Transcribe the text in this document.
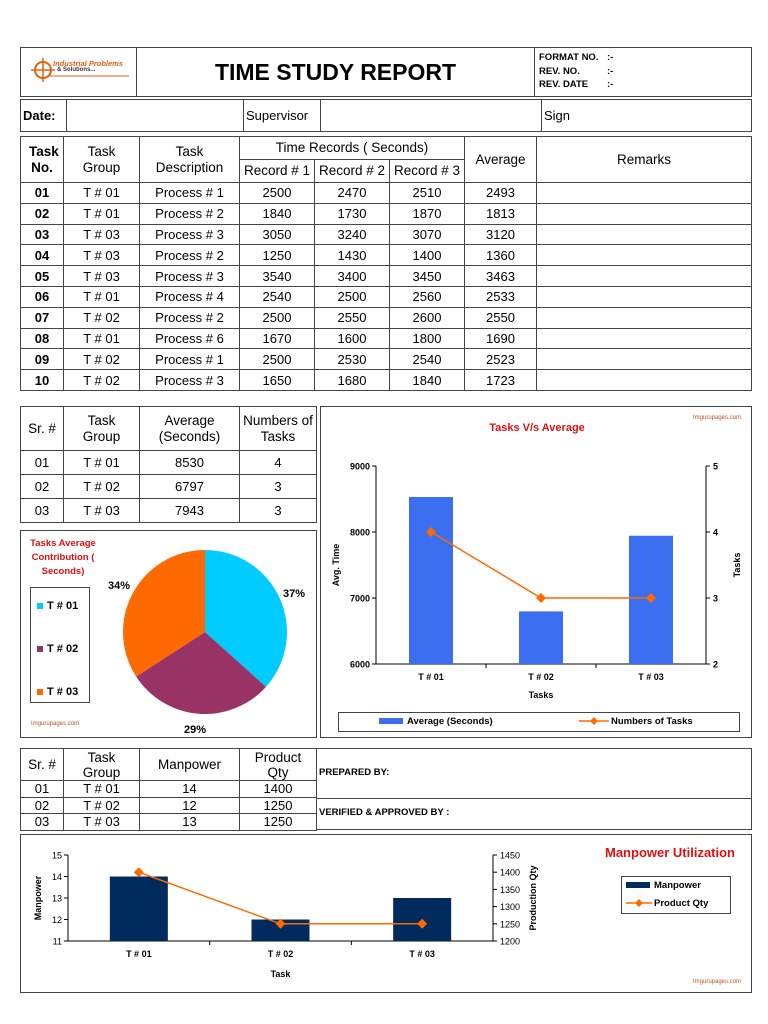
Industrial Problems
& Solutions...	TIME STUDY REPORT
FORMAT NO. :-
REV. NO.	:-
REV. DATE :-
Date:		Supervisor		Sign
Task No.	Task Group	Task Description	Time Records ( Seconds)			Average	Remarks
			Record # 1	Record # 2	Record # 3		
01	T # 01	Process # 1	2500	2470	2510	2493	
02	T # 01	Process # 2	1840	1730	1870	1813	
03	T # 03	Process # 3	3050	3240	3070	3120	
04	T # 03	Process # 2	1250	1430	1400	1360	
05	T # 03	Process # 3	3540	3400	3450	3463	
06	T # 01	Process # 4	2540	2500	2560	2533	
07	T # 02	Process # 2	2500	2550	2600	2550	
08	T # 01	Process # 6	1670	1600	1800	1690	
09	T # 02	Process # 1	2500	2530	2540	2523	
10	T # 02	Process # 3	1650	1680	1840	1723	
Sr. #	Task Group	Average (Seconds)	Numbers of Tasks
01	T # 01	8530	4
02	T # 02	6797	3
03	T # 03	7943	3
Tasks Average Contribution ( Seconds)
T # 01
T # 02
T # 03
37%
29%
34%
Imgurupages.com
Imgurupages.com
Tasks V/s Average
6000
7000
8000
9000
2
3
4
5
T # 01	T # 02	T # 03
Tasks
Avg. Time	Tasks
Average (Seconds)	Numbers of Tasks
Sr. #	Task Group	Manpower	Product Qty
01	T # 01	14	1400
02	T # 02	12	1250
03	T # 03	13	1250
PREPARED BY:
VERIFIED & APPROVED BY :
11
12
13
14
15
1200
1250
1300
1350
1400
1450
T # 01	T # 02	T # 03
Task
Manpower	Production Qty
Manpower Utilization
Manpower
Product Qty
Imgurupages.com
